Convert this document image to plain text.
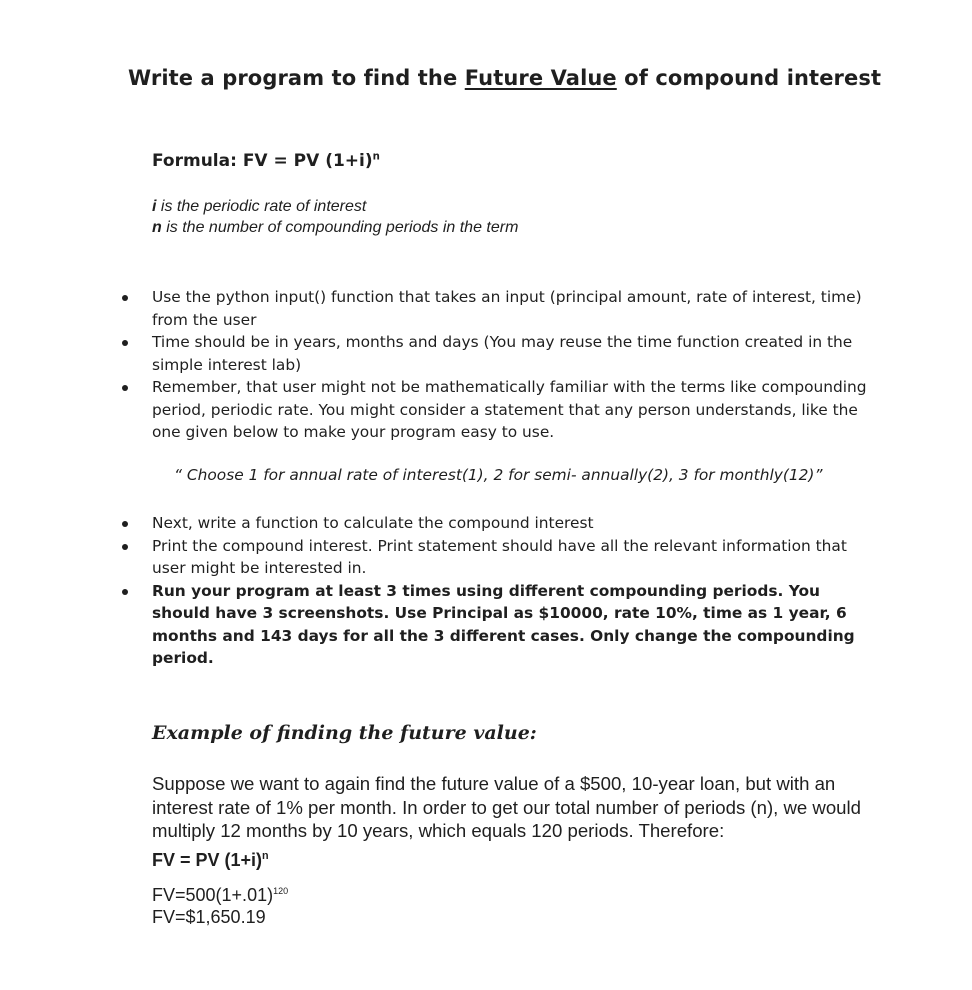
Write a program to find the Future Value of compound interest
Formula: FV = PV $(1+i)^n$
i is the periodic rate of interest
n is the number of compounding periods in the term
Use the python input() function that takes an input (principal amount, rate of interest, time) from the user
Time should be in years, months and days (You may reuse the time function created in the simple interest lab)
Remember, that user might not be mathematically familiar with the terms like compounding period, periodic rate. You might consider a statement that any person understands, like the one given below to make your program easy to use.
“ Choose 1 for annual rate of interest(1), 2 for semi- annually(2), 3 for monthly(12)”
Next, write a function to calculate the compound interest
Print the compound interest. Print statement should have all the relevant information that user might be interested in.
Run your program at least 3 times using different compounding periods. You should have 3 screenshots. Use Principal as $10000, rate 10%, time as 1 year, 6 months and 143 days for all the 3 different cases. Only change the compounding period.
Example of finding the future value:
Suppose we want to again find the future value of a $500, 10-year loan, but with an interest rate of 1% per month. In order to get our total number of periods (n), we would multiply 12 months by 10 years, which equals 120 periods. Therefore:
FV = PV $(1+i)^n$
$FV=500(1+.01)^{120}$
FV=$1,650.19
